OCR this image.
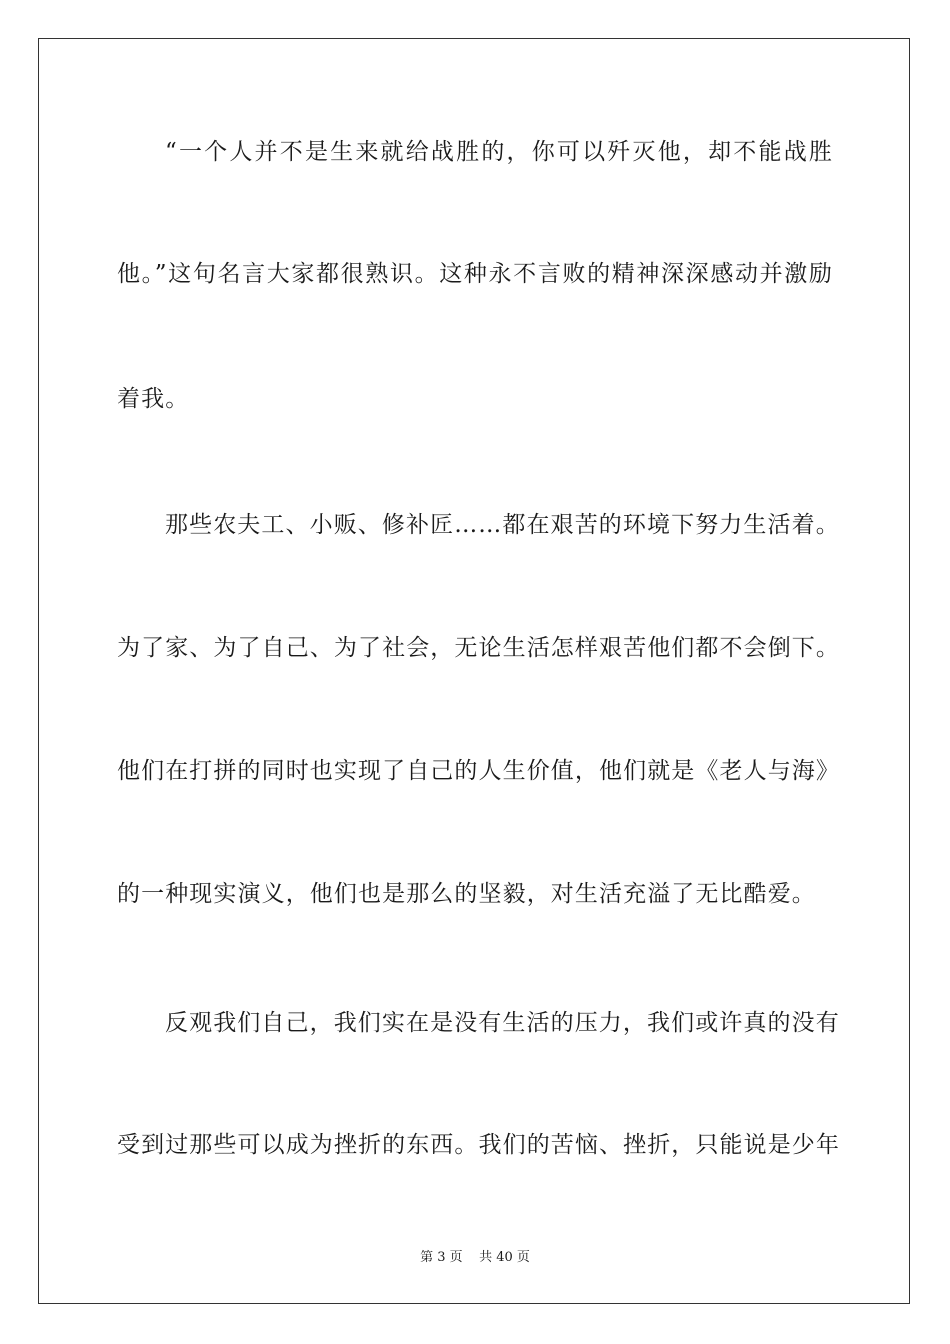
“一个人并不是生来就给战胜的，你可以歼灭他，却不能战胜
他。”这句名言大家都很熟识。这种永不言败的精神深深感动并激励
着我。
那些农夫工、小贩、修补匠……都在艰苦的环境下努力生活着。
为了家、为了自己、为了社会，无论生活怎样艰苦他们都不会倒下。
他们在打拼的同时也实现了自己的人生价值，他们就是《老人与海》
的一种现实演义，他们也是那么的坚毅，对生活充溢了无比酷爱。
反观我们自己，我们实在是没有生活的压力，我们或许真的没有
受到过那些可以成为挫折的东西。我们的苦恼、挫折，只能说是少年
第 3 页    共 40 页
